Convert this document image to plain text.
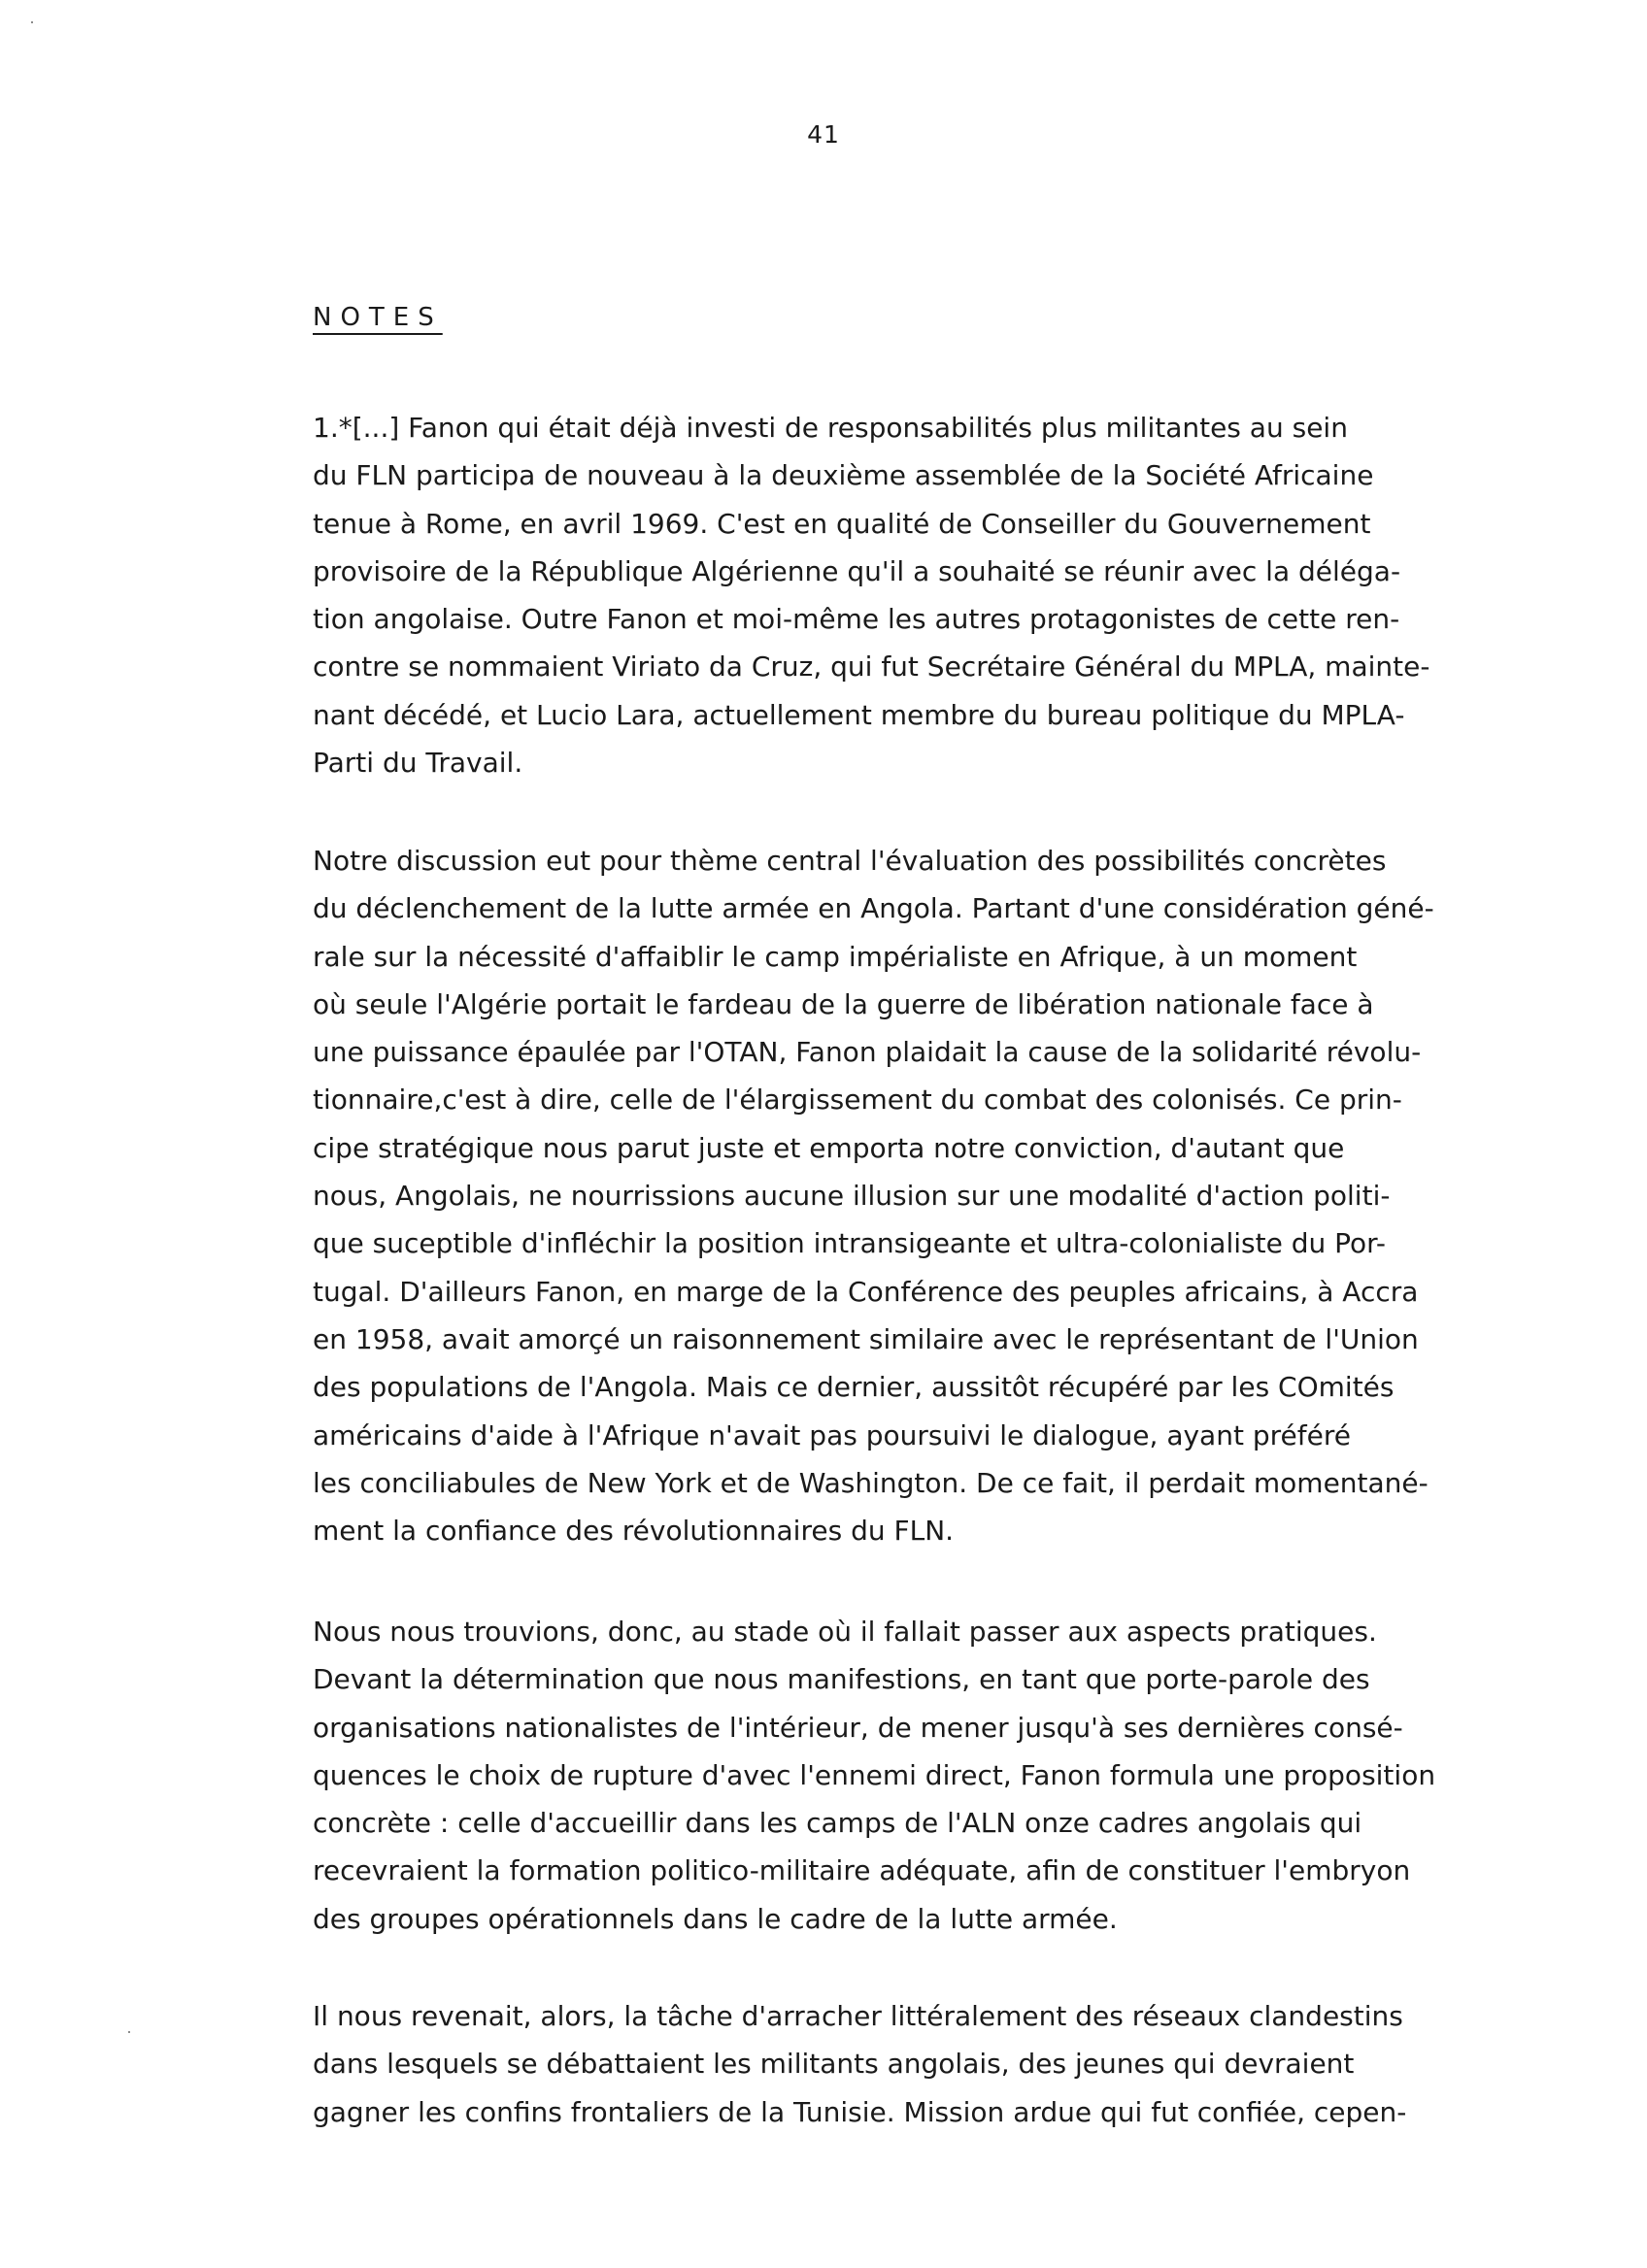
41
NOTES
1.*[...] Fanon qui était déjà investi de responsabilités plus militantes au sein
du FLN participa de nouveau à la deuxième assemblée de la Société Africaine
tenue à Rome, en avril 1969. C'est en qualité de Conseiller du Gouvernement
provisoire de la République Algérienne qu'il a souhaité se réunir avec la déléga-
tion angolaise. Outre Fanon et moi-même les autres protagonistes de cette ren-
contre se nommaient Viriato da Cruz, qui fut Secrétaire Général du MPLA, mainte-
nant décédé, et Lucio Lara, actuellement membre du bureau politique du MPLA-
Parti du Travail.
Notre discussion eut pour thème central l'évaluation des possibilités concrètes
du déclenchement de la lutte armée en Angola. Partant d'une considération géné-
rale sur la nécessité d'affaiblir le camp impérialiste en Afrique, à un moment
où seule l'Algérie portait le fardeau de la guerre de libération nationale face à
une puissance épaulée par l'OTAN, Fanon plaidait la cause de la solidarité révolu-
tionnaire,c'est à dire, celle de l'élargissement du combat des colonisés. Ce prin-
cipe stratégique nous parut juste et emporta notre conviction, d'autant que
nous, Angolais, ne nourrissions aucune illusion sur une modalité d'action politi-
que suceptible d'infléchir la position intransigeante et ultra-colonialiste du Por-
tugal. D'ailleurs Fanon, en marge de la Conférence des peuples africains, à Accra
en 1958, avait amorçé un raisonnement similaire avec le représentant de l'Union
des populations de l'Angola. Mais ce dernier, aussitôt récupéré par les COmités
américains d'aide à l'Afrique n'avait pas poursuivi le dialogue, ayant préféré
les conciliabules de New York et de Washington. De ce fait, il perdait momentané-
ment la confiance des révolutionnaires du FLN.
Nous nous trouvions, donc, au stade où il fallait passer aux aspects pratiques.
Devant la détermination que nous manifestions, en tant que porte-parole des
organisations nationalistes de l'intérieur, de mener jusqu'à ses dernières consé-
quences le choix de rupture d'avec l'ennemi direct, Fanon formula une proposition
concrète : celle d'accueillir dans les camps de l'ALN onze cadres angolais qui
recevraient la formation politico-militaire adéquate, afin de constituer l'embryon
des groupes opérationnels dans le cadre de la lutte armée.
Il nous revenait, alors, la tâche d'arracher littéralement des réseaux clandestins
dans lesquels se débattaient les militants angolais, des jeunes qui devraient
gagner les confins frontaliers de la Tunisie. Mission ardue qui fut confiée, cepen-
